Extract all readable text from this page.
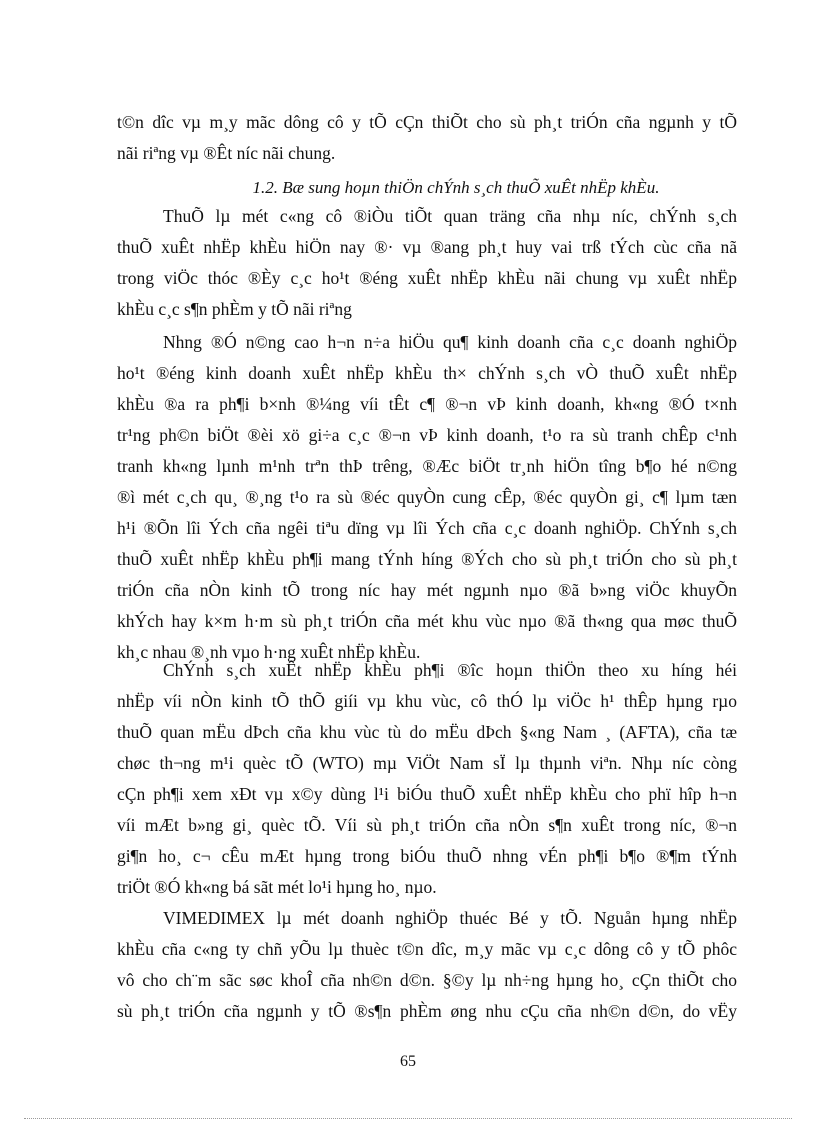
t©n dîc vµ m¸y mãc dông cô y tÕ cÇn thiÕt cho sù ph¸t triÓn cña ngµnh y tÕ
nãi riªng vµ ®Êt níc nãi chung.
1.2. Bæ sung hoµn thiÖn chÝnh s¸ch thuÕ xuÊt nhËp khÈu.
ThuÕ lµ mét c«ng cô ®iÒu tiÕt quan träng cña nhµ níc, chÝnh s¸ch
thuÕ xuÊt nhËp khÈu hiÖn nay ®· vµ ®ang ph¸t huy vai trß tÝch cùc cña nã
trong viÖc thóc ®Èy c¸c ho¹t ®éng xuÊt nhËp khÈu nãi chung vµ xuÊt nhËp
khÈu c¸c s¶n phÈm y tÕ nãi riªng
Nhng ®Ó n©ng cao h¬n n÷a hiÖu qu¶ kinh doanh cña c¸c doanh nghiÖp
ho¹t ®éng kinh doanh xuÊt nhËp khÈu th× chÝnh s¸ch vÒ thuÕ xuÊt nhËp
khÈu ®a ra ph¶i b×nh ®¼ng víi tÊt c¶ ®¬n vÞ kinh doanh, kh«ng ®Ó t×nh
tr¹ng ph©n biÖt ®èi xö gi÷a c¸c ®¬n vÞ kinh doanh, t¹o ra sù tranh chÊp c¹nh
tranh kh«ng lµnh m¹nh trªn thÞ trêng, ®Æc biÖt tr¸nh hiÖn tîng b¶o hé n©ng
®ì mét c¸ch qu¸ ®¸ng t¹o ra sù ®éc quyÒn cung cÊp, ®éc quyÒn gi¸ c¶ lµm tæn
h¹i ®Õn lîi Ých cña ngêi tiªu dïng vµ lîi Ých cña c¸c doanh nghiÖp. ChÝnh s¸ch
thuÕ xuÊt nhËp khÈu ph¶i mang tÝnh híng ®Ých cho sù ph¸t triÓn cho sù ph¸t
triÓn cña nÒn kinh tÕ trong níc hay mét ngµnh nµo ®ã b»ng viÖc khuyÕn
khÝch hay k×m h·m sù ph¸t triÓn cña mét khu vùc nµo ®ã th«ng qua møc thuÕ
kh¸c nhau ®¸nh vµo h·ng xuÊt nhËp khÈu.
ChÝnh s¸ch xuÊt nhËp khÈu ph¶i ®îc hoµn thiÖn theo xu híng héi
nhËp víi nÒn kinh tÕ thÕ giíi vµ khu vùc, cô thÓ lµ viÖc h¹ thÊp hµng rµo
thuÕ quan mËu dÞch cña khu vùc tù do mËu dÞch §«ng Nam ¸ (AFTA), cña tæ
chøc th¬ng m¹i quèc tÕ (WTO) mµ ViÖt Nam sÏ lµ thµnh viªn. Nhµ níc còng
cÇn ph¶i xem xÐt vµ x©y dùng l¹i biÓu thuÕ xuÊt nhËp khÈu cho phï hîp h¬n
víi mÆt b»ng gi¸ quèc tÕ. Víi sù ph¸t triÓn cña nÒn s¶n xuÊt trong níc, ®¬n
gi¶n ho¸ c¬ cÊu mÆt hµng trong biÓu thuÕ nhng vÉn ph¶i b¶o ®¶m tÝnh
triÖt ®Ó kh«ng bá sãt mét lo¹i hµng ho¸ nµo.
VIMEDIMEX lµ mét doanh nghiÖp thuéc Bé y tÕ. Nguån hµng nhËp
khÈu cña c«ng ty chñ yÕu lµ thuèc t©n dîc, m¸y mãc vµ c¸c dông cô y tÕ phôc
vô cho ch¨m sãc søc khoÎ cña nh©n d©n. §©y lµ nh÷ng hµng ho¸ cÇn thiÕt cho
sù ph¸t triÓn cña ngµnh y tÕ ®s¶n phÈm øng nhu cÇu cña nh©n d©n, do vËy
65
